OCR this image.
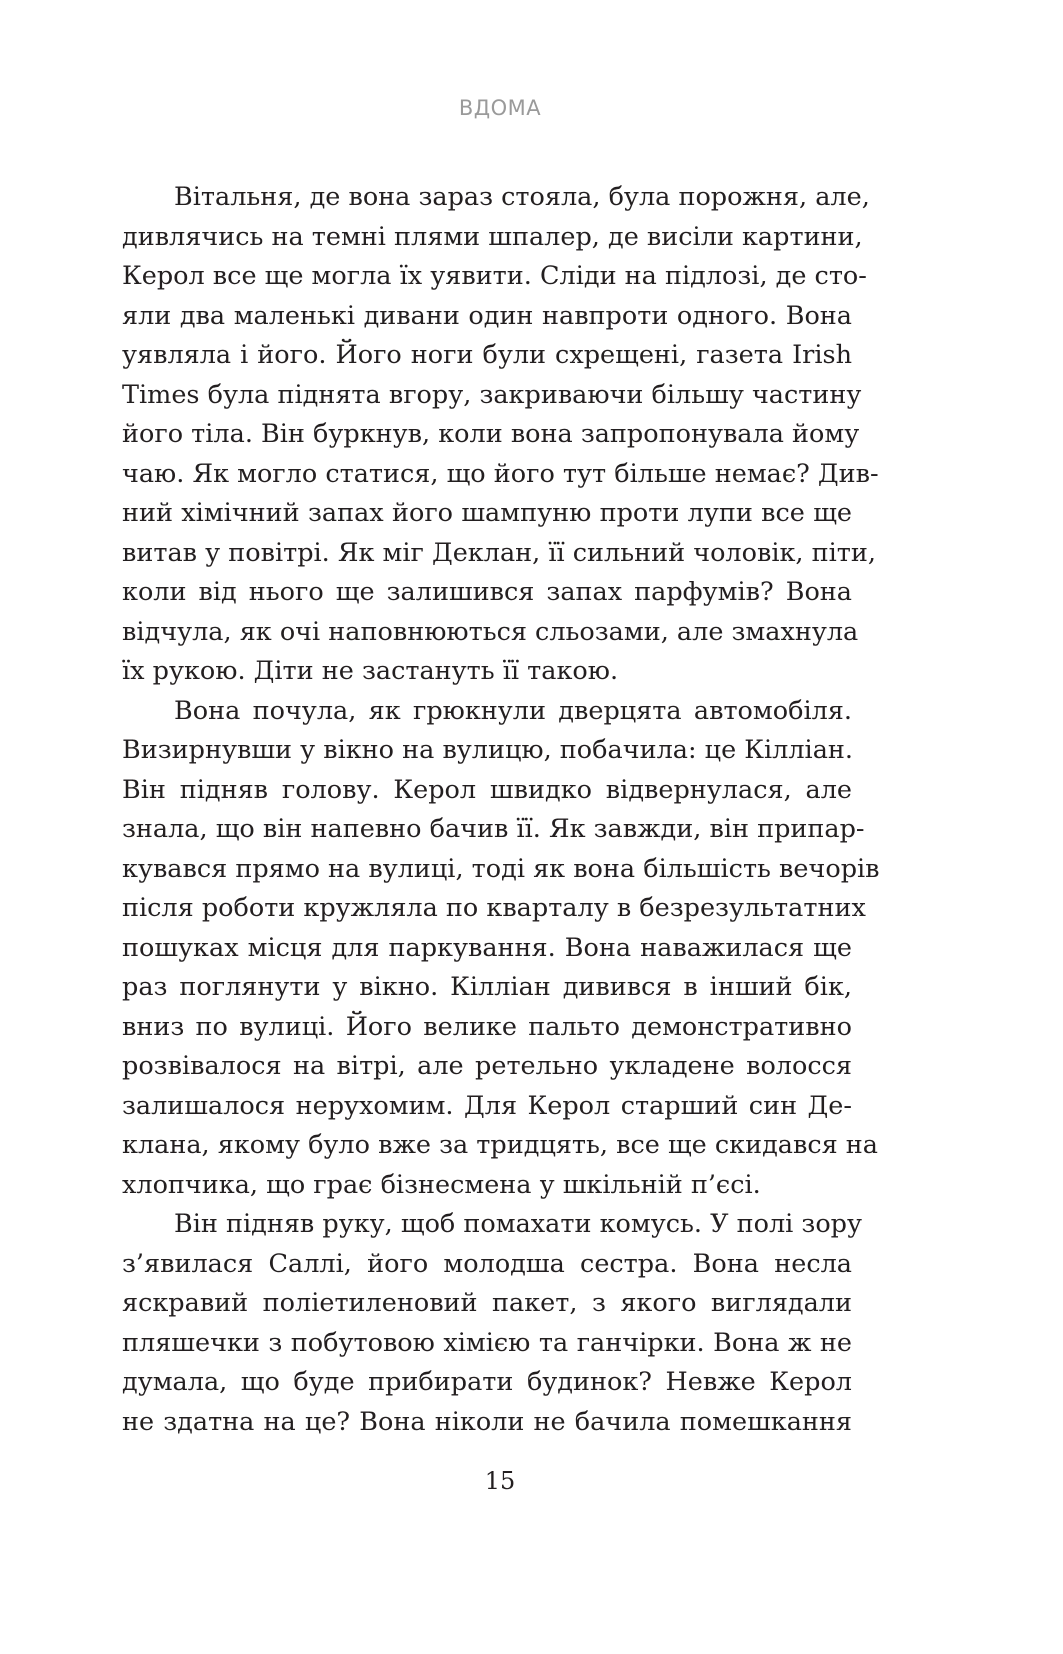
ВДОМА
Вітальня, де вона зараз стояла, була порожня, але,
дивлячись на темні плями шпалер, де висіли картини,
Керол все ще могла їх уявити. Сліди на підлозі, де сто-
яли два маленькі дивани один навпроти одного. Вона
уявляла і його. Його ноги були схрещені, газета Irish
Times була піднята вгору, закриваючи більшу частину
його тіла. Він буркнув, коли вона запропонувала йому
чаю. Як могло статися, що його тут більше немає? Див-
ний хімічний запах його шампуню проти лупи все ще
витав у повітрі. Як міг Деклан, її сильний чоловік, піти,
коли від нього ще залишився запах парфумів? Вона
відчула, як очі наповнюються сльозами, але змахнула
їх рукою. Діти не застануть її такою.
Вона почула, як грюкнули дверцята автомобіля.
Визирнувши у вікно на вулицю, побачила: це Кілліан.
Він підняв голову. Керол швидко відвернулася, але
знала, що він напевно бачив її. Як завжди, він припар-
кувався прямо на вулиці, тоді як вона більшість вечорів
після роботи кружляла по кварталу в безрезультатних
пошуках місця для паркування. Вона наважилася ще
раз поглянути у вікно. Кілліан дивився в інший бік,
вниз по вулиці. Його велике пальто демонстративно
розвівалося на вітрі, але ретельно укладене волосся
залишалося нерухомим. Для Керол старший син Де-
клана, якому було вже за тридцять, все ще скидався на
хлопчика, що грає бізнесмена у шкільній п’єсі.
Він підняв руку, щоб помахати комусь. У полі зору
з’явилася Саллі, його молодша сестра. Вона несла
яскравий поліетиленовий пакет, з якого виглядали
пляшечки з побутовою хімією та ганчірки. Вона ж не
думала, що буде прибирати будинок? Невже Керол
не здатна на це? Вона ніколи не бачила помешкання
15
